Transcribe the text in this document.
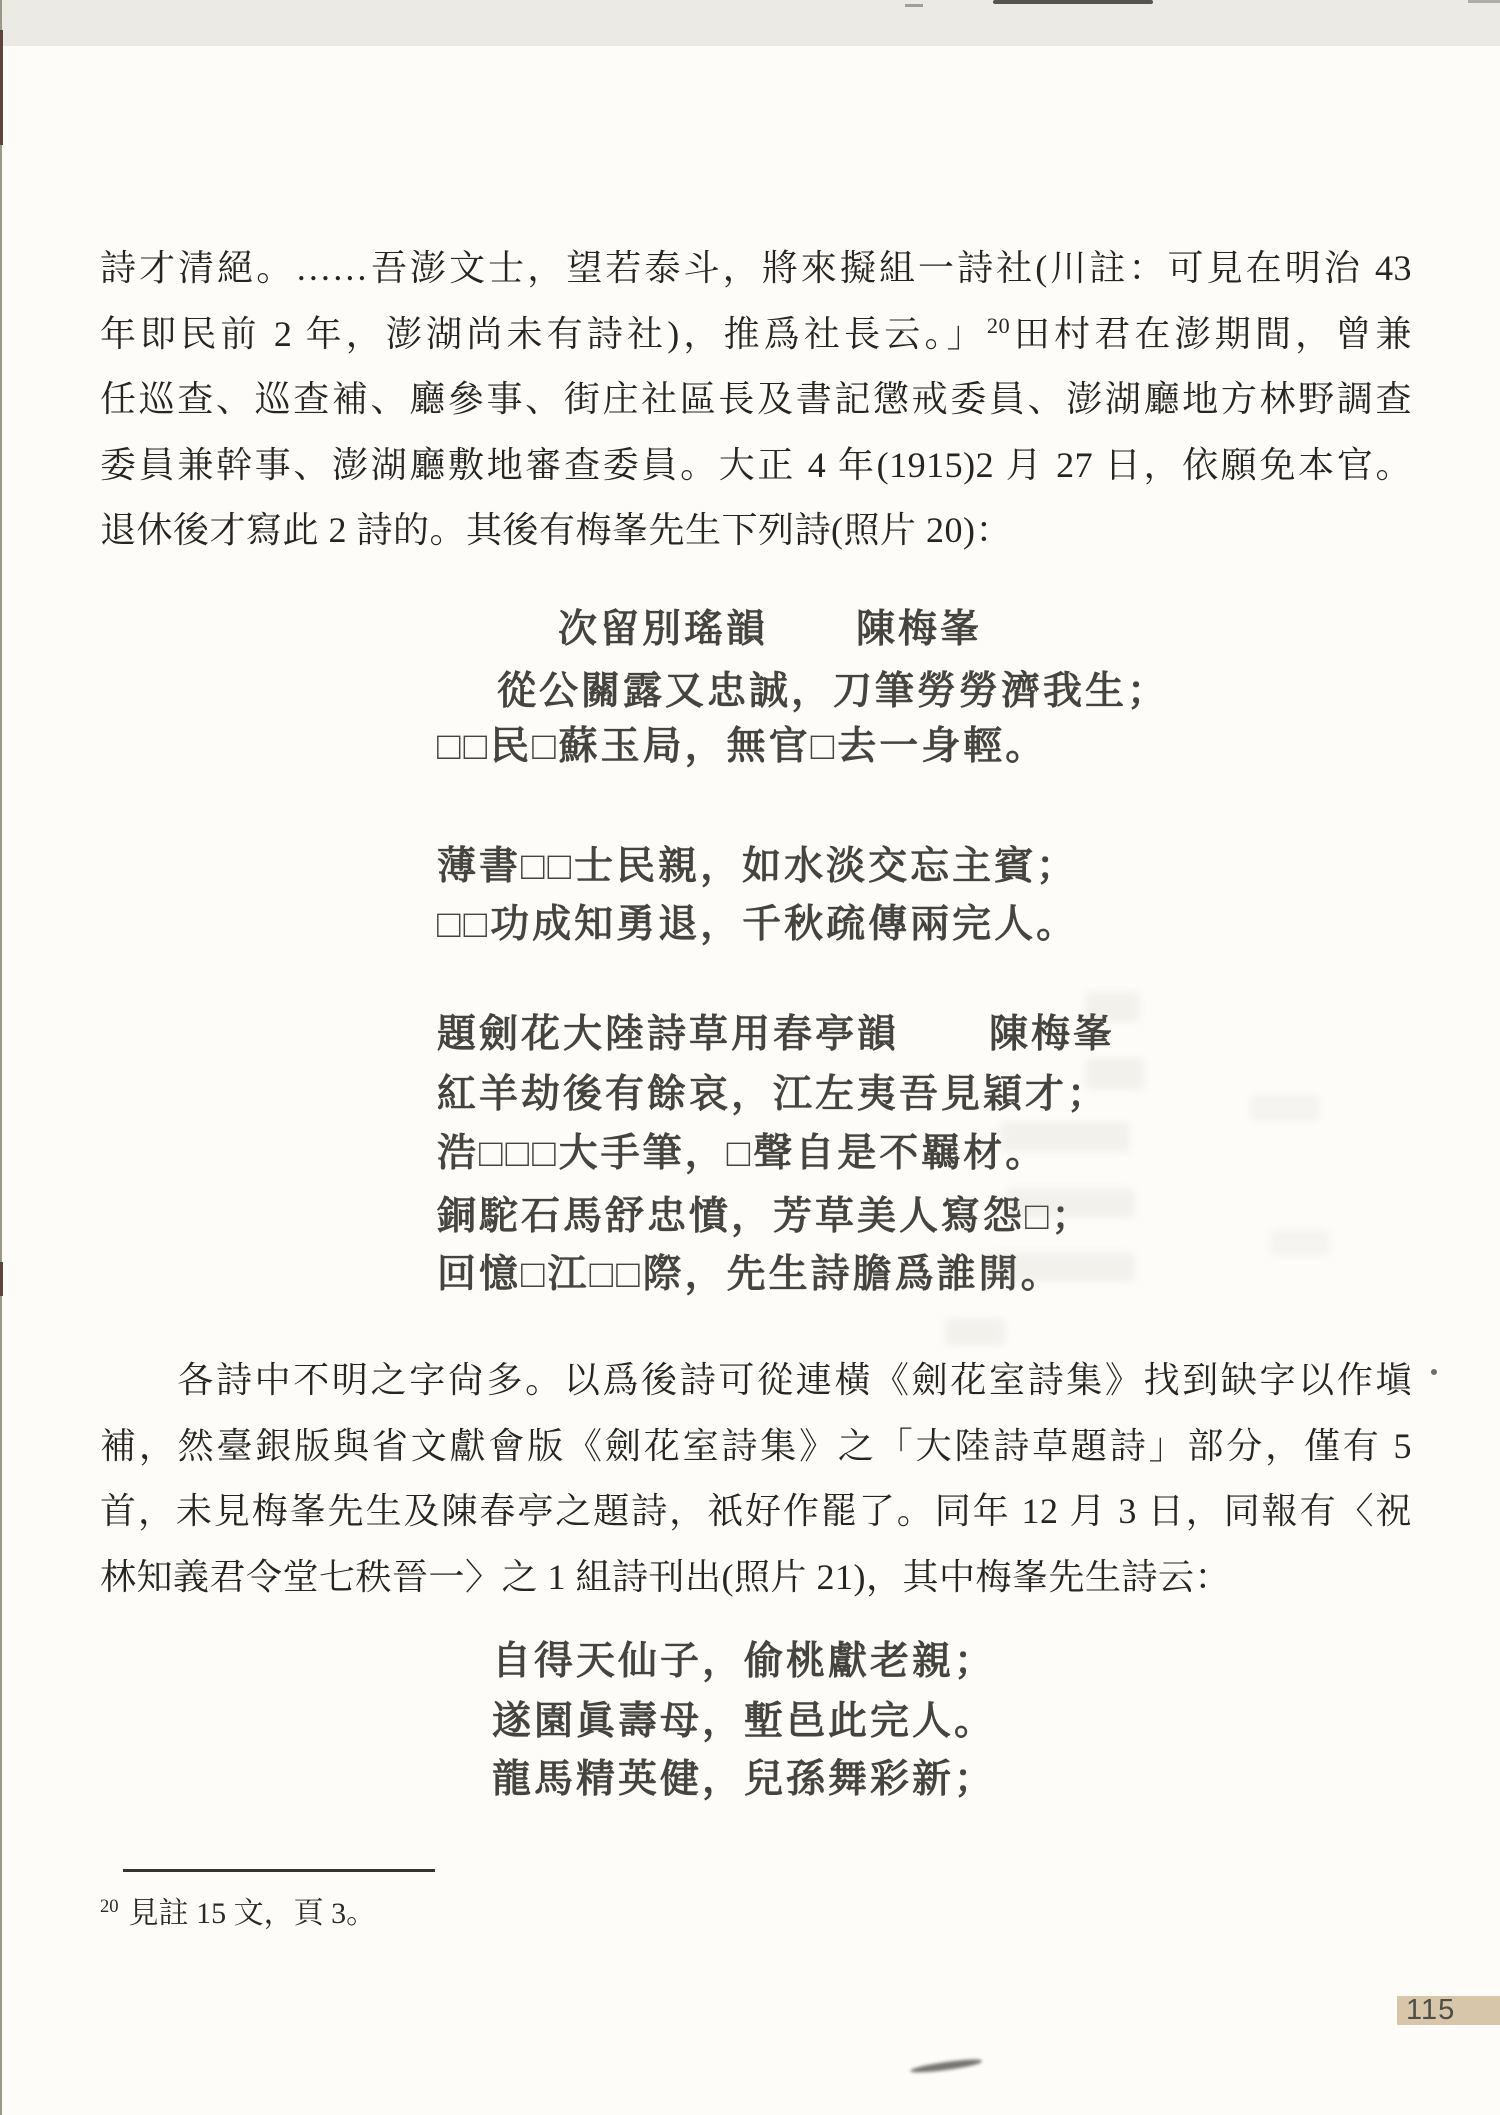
詩才清絕。……吾澎文士，望若泰斗，將來擬組一詩社(川註：可見在明治 43
年即民前 2 年，澎湖尚未有詩社)，推爲社長云。」$^{20}$田村君在澎期間，曾兼
任巡查、巡查補、廳參事、街庄社區長及書記懲戒委員、澎湖廳地方林野調查
委員兼幹事、澎湖廳敷地審查委員。大正 4 年(1915)2 月 27 日，依願免本官。
退休後才寫此 2 詩的。其後有梅峯先生下列詩(照片 20)：
次留別瑤韻 陳梅峯
從公關露又忠誠，刀筆勞勞濟我生；
□□民□蘇玉局，無官□去一身輕。
薄書□□士民親，如水淡交忘主賓；
□□功成知勇退，千秋疏傳兩完人。
題劍花大陸詩草用春亭韻 陳梅峯
紅羊劫後有餘哀，江左夷吾見穎才；
浩□□□大手筆，□聲自是不羈材。
銅駝石馬舒忠憤，芳草美人寫怨□；
回憶□江□□際，先生詩膽爲誰開。
　　各詩中不明之字尙多。以爲後詩可從連橫《劍花室詩集》找到缺字以作塡
補，然臺銀版與省文獻會版《劍花室詩集》之「大陸詩草題詩」部分，僅有 5
首，未見梅峯先生及陳春亭之題詩，祇好作罷了。同年 12 月 3 日，同報有〈祝
林知義君令堂七秩晉一〉之 1 組詩刊出(照片 21)，其中梅峯先生詩云：
自得天仙子，偷桃獻老親；
遂園眞壽母，塹邑此完人。
龍馬精英健，兒孫舞彩新；
$^{20}$ 見註 15 文，頁 3。
115
